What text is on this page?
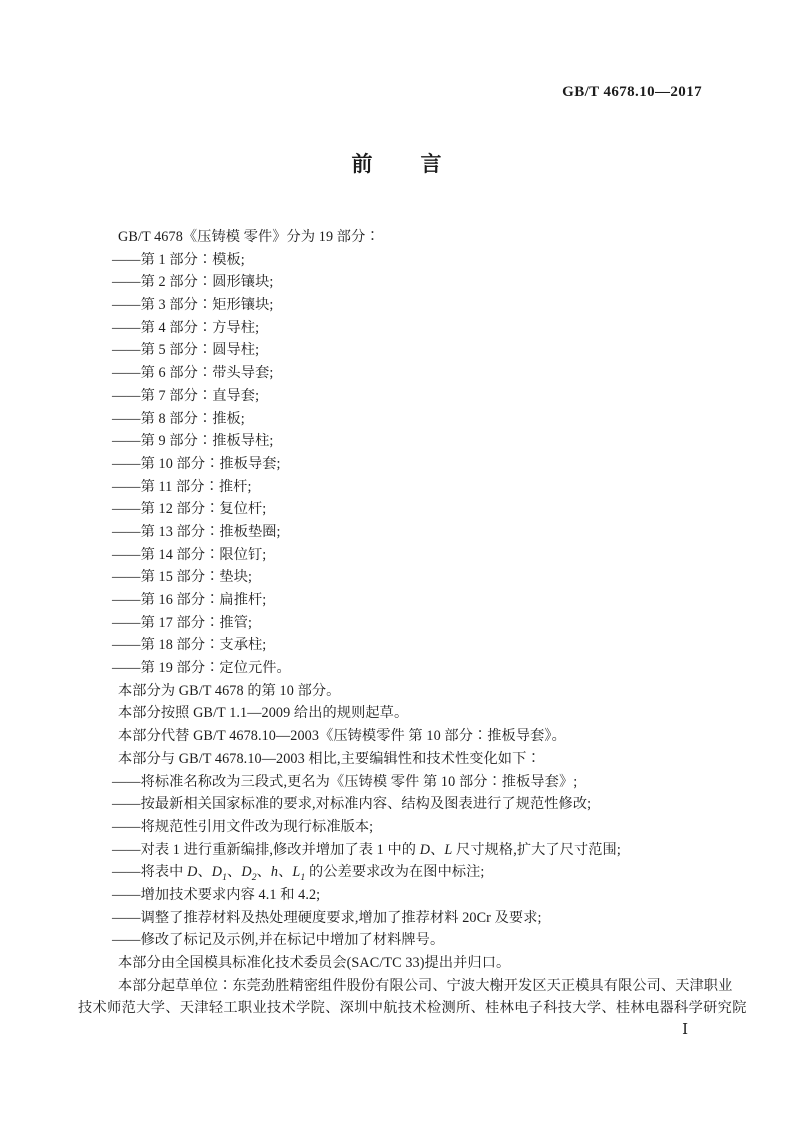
GB/T 4678.10—2017
前 言
GB/T 4678《压铸模 零件》分为 19 部分∶
——第 1 部分∶模板;
——第 2 部分∶圆形镶块;
——第 3 部分∶矩形镶块;
——第 4 部分∶方导柱;
——第 5 部分∶圆导柱;
——第 6 部分∶带头导套;
——第 7 部分∶直导套;
——第 8 部分∶推板;
——第 9 部分∶推板导柱;
——第 10 部分∶推板导套;
——第 11 部分∶推杆;
——第 12 部分∶复位杆;
——第 13 部分∶推板垫圈;
——第 14 部分∶限位钉;
——第 15 部分∶垫块;
——第 16 部分∶扁推杆;
——第 17 部分∶推管;
——第 18 部分∶支承柱;
——第 19 部分∶定位元件。
本部分为 GB/T 4678 的第 10 部分。
本部分按照 GB/T 1.1—2009 给出的规则起草。
本部分代替 GB/T 4678.10—2003《压铸模零件 第 10 部分∶推板导套》。
本部分与 GB/T 4678.10—2003 相比,主要编辑性和技术性变化如下∶
——将标准名称改为三段式,更名为《压铸模 零件 第 10 部分∶推板导套》;
——按最新相关国家标准的要求,对标准内容、结构及图表进行了规范性修改;
——将规范性引用文件改为现行标准版本;
——对表 1 进行重新编排,修改并增加了表 1 中的 D、L 尺寸规格,扩大了尺寸范围;
——将表中 D、$D_1$、$D_2$、h、$L_1$ 的公差要求改为在图中标注;
——增加技术要求内容 4.1 和 4.2;
——调整了推荐材料及热处理硬度要求,增加了推荐材料 20Cr 及要求;
——修改了标记及示例,并在标记中增加了材料牌号。
本部分由全国模具标准化技术委员会(SAC/TC 33)提出并归口。
本部分起草单位∶东莞劲胜精密组件股份有限公司、宁波大榭开发区天正模具有限公司、天津职业
技术师范大学、天津轻工职业技术学院、深圳中航技术检测所、桂林电子科技大学、桂林电器科学研究院
Ⅰ
